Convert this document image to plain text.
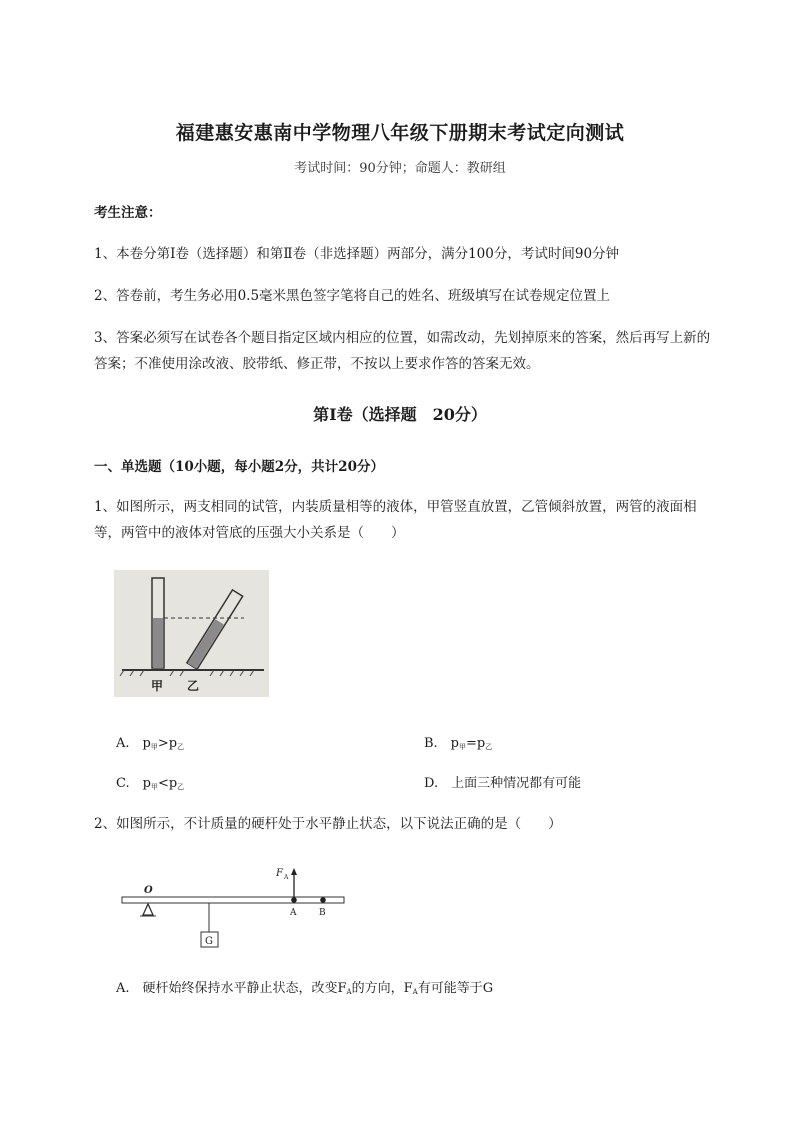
福建惠安惠南中学物理八年级下册期末考试定向测试
考试时间：90分钟；命题人：教研组
考生注意：
1、本卷分第I卷（选择题）和第Ⅱ卷（非选择题）两部分，满分100分，考试时间90分钟
2、答卷前，考生务必用0.5毫米黑色签字笔将自己的姓名、班级填写在试卷规定位置上
3、答案必须写在试卷各个题目指定区域内相应的位置，如需改动，先划掉原来的答案，然后再写上新的答案；不准使用涂改液、胶带纸、修正带，不按以上要求作答的答案无效。
第I卷（选择题　20分）
一、单选题（10小题，每小题2分，共计20分）
1、如图所示，两支相同的试管，内装质量相等的液体，甲管竖直放置，乙管倾斜放置，两管的液面相等，两管中的液体对管底的压强大小关系是（　　）
甲 乙
A.　$p_甲>p_乙$	B.　$p_甲=p_乙$
C.　$p_甲<p_乙$	D.　上面三种情况都有可能
2、如图所示，不计质量的硬杆处于水平静止状态，以下说法正确的是（　　）
O
G
F A
A	B
A.　硬杆始终保持水平静止状态，改变$F_A$的方向，$F_A$有可能等于G
